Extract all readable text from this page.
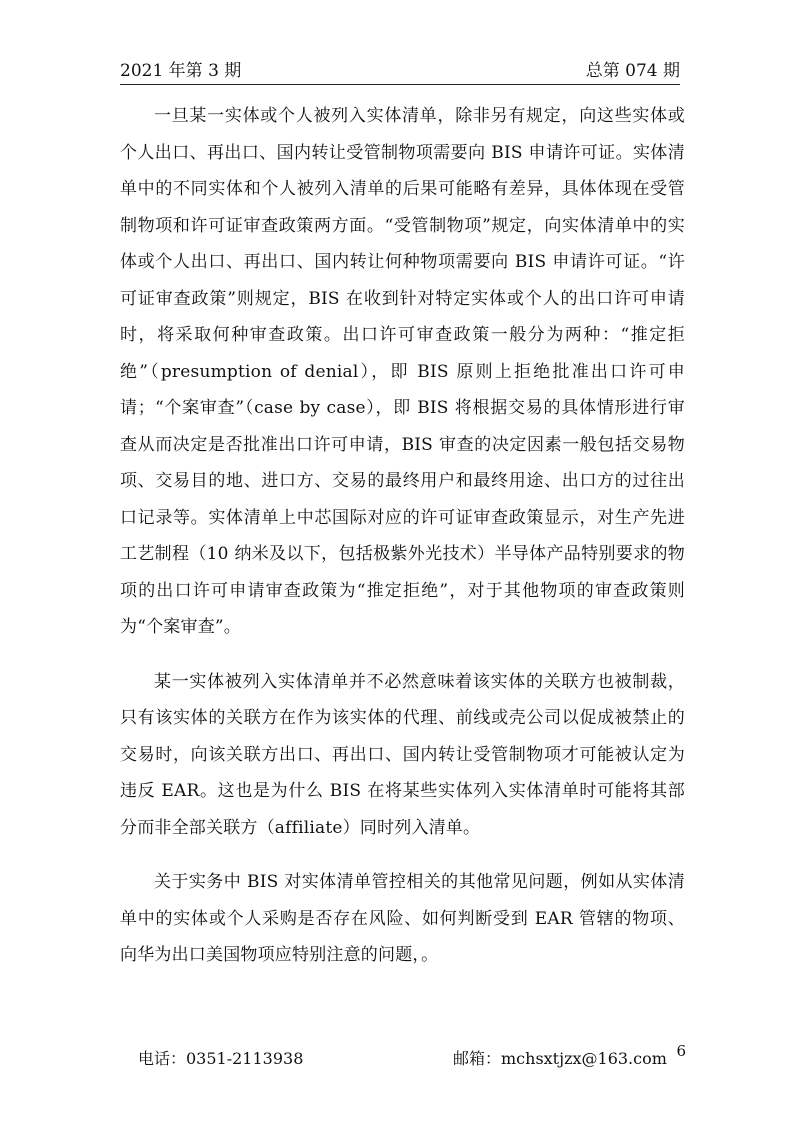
2021 年第 3 期	总第 074 期

一旦某一实体或个人被列入实体清单，除非另有规定，向这些实体或个人出口、再出口、国内转让受管制物项需要向 BIS 申请许可证。实体清单中的不同实体和个人被列入清单的后果可能略有差异，具体体现在受管制物项和许可证审查政策两方面。“受管制物项”规定，向实体清单中的实体或个人出口、再出口、国内转让何种物项需要向 BIS 申请许可证。“许可证审查政策”则规定，BIS 在收到针对特定实体或个人的出口许可申请时，将采取何种审查政策。出口许可审查政策一般分为两种：“推定拒绝”（presumption of denial），即 BIS 原则上拒绝批准出口许可申请；“个案审查”（case by case），即 BIS 将根据交易的具体情形进行审查从而决定是否批准出口许可申请，BIS 审查的决定因素一般包括交易物项、交易目的地、进口方、交易的最终用户和最终用途、出口方的过往出口记录等。实体清单上中芯国际对应的许可证审查政策显示，对生产先进工艺制程（10 纳米及以下，包括极紫外光技术）半导体产品特别要求的物项的出口许可申请审查政策为“推定拒绝”，对于其他物项的审查政策则为“个案审查”。

某一实体被列入实体清单并不必然意味着该实体的关联方也被制裁，只有该实体的关联方在作为该实体的代理、前线或壳公司以促成被禁止的交易时，向该关联方出口、再出口、国内转让受管制物项才可能被认定为违反 EAR。这也是为什么 BIS 在将某些实体列入实体清单时可能将其部分而非全部关联方（affiliate）同时列入清单。

关于实务中 BIS 对实体清单管控相关的其他常见问题，例如从实体清单中的实体或个人采购是否存在风险、如何判断受到 EAR 管辖的物项、向华为出口美国物项应特别注意的问题，。

电话：0351-2113938	邮箱：mchsxtjzx@163.com 6
